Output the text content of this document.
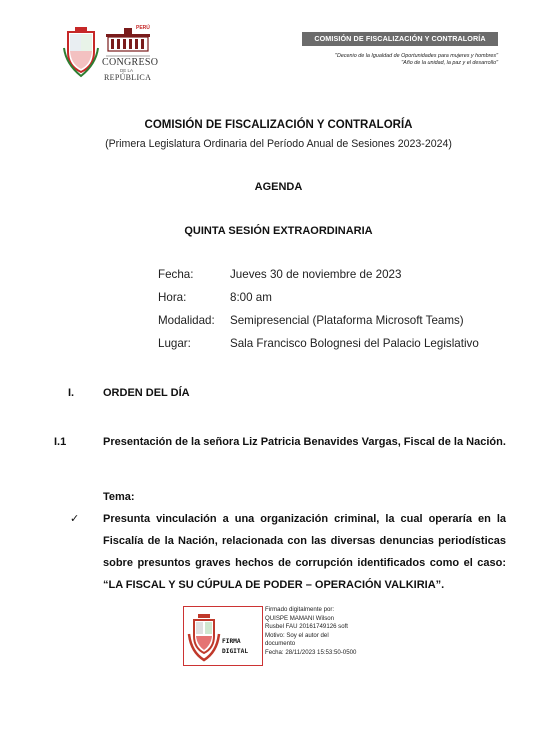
PERÚ
CONGRESO
DE LA
REPÚBLICA
COMISIÓN DE FISCALIZACIÓN Y CONTRALORÍA
"Decenio de la Igualdad de Oportunidades para mujeres y hombres"
"Año de la unidad, la paz y el desarrollo"
COMISIÓN DE FISCALIZACIÓN Y CONTRALORÍA
(Primera Legislatura Ordinaria del Período Anual de Sesiones 2023-2024)
AGENDA
QUINTA SESIÓN EXTRAORDINARIA
Fecha:	Jueves 30 de noviembre de 2023
Hora:	8:00 am
Modalidad: Semipresencial (Plataforma Microsoft Teams)
Lugar:	Sala Francisco Bolognesi del Palacio Legislativo
I.	ORDEN DEL DÍA
I.1	Presentación de la señora Liz Patricia Benavides Vargas, Fiscal de la Nación.
Tema:
✓ Presunta vinculación a una organización criminal, la cual operaría en la Fiscalía de la Nación, relacionada con las diversas denuncias periodísticas sobre presuntos graves hechos de corrupción identificados como el caso: “LA FISCAL Y SU CÚPULA DE PODER – OPERACIÓN VALKIRIA”.
FIRMA
DIGITAL
Firmado digitalmente por:
QUISPE MAMANI Wilson
Rusbel FAU 20161749126 soft
Motivo: Soy el autor del
documento
Fecha: 28/11/2023 15:53:50-0500
